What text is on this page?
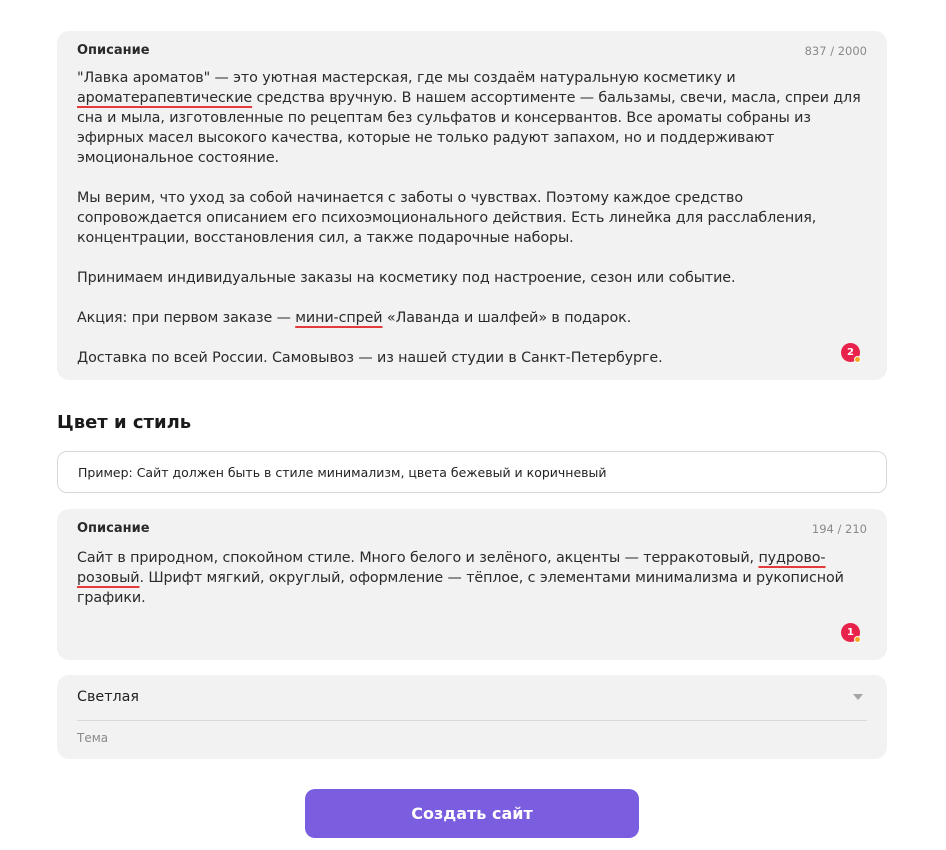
Описание	837 / 2000

"Лавка ароматов" — это уютная мастерская, где мы создаём натуральную косметику и ароматерапевтические средства вручную. В нашем ассортименте — бальзамы, свечи, масла, спреи для сна и мыла, изготовленные по рецептам без сульфатов и консервантов. Все ароматы собраны из эфирных масел высокого качества, которые не только радуют запахом, но и поддерживают эмоциональное состояние.

Мы верим, что уход за собой начинается с заботы о чувствах. Поэтому каждое средство сопровождается описанием его психоэмоционального действия. Есть линейка для расслабления, концентрации, восстановления сил, а также подарочные наборы.

Принимаем индивидуальные заказы на косметику под настроение, сезон или событие.

Акция: при первом заказе — мини-спрей «Лаванда и шалфей» в подарок.

Доставка по всей России. Самовывоз — из нашей студии в Санкт-Петербурге.	2
Цвет и стиль
Пример: Сайт должен быть в стиле минимализм, цвета бежевый и коричневый
Описание	194 / 210

Сайт в природном, спокойном стиле. Много белого и зелёного, акценты — терракотовый, пудрово-розовый. Шрифт мягкий, округлый, оформление — тёплое, с элементами минимализма и рукописной графики.

1
Светлая
Тема
Создать сайт
